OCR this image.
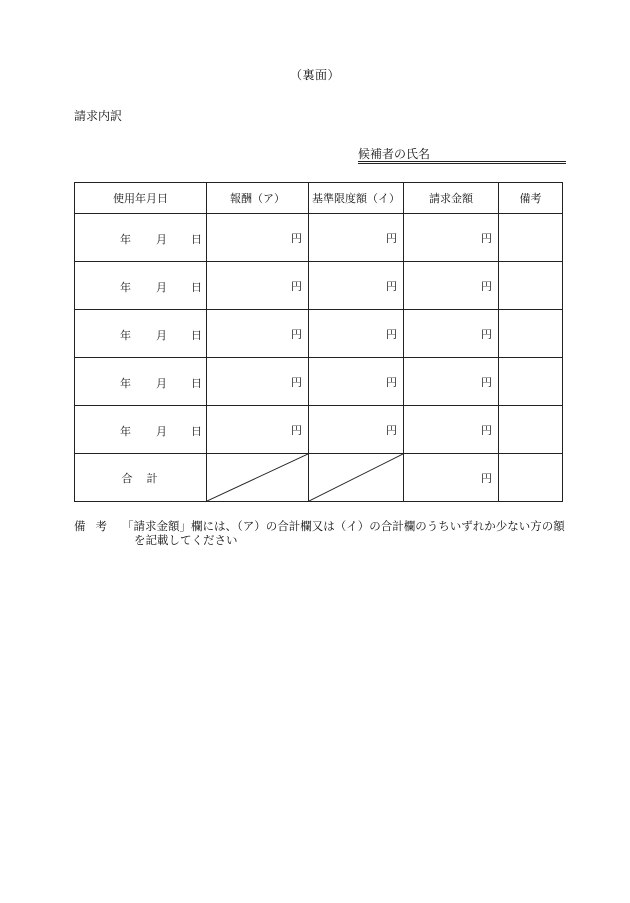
（裏面）
請求内訳
候補者の氏名
使用年月日	報酬（ア）	基準限度額（イ）	請求金額	備考

年 月 日	円	円	円	

年 月 日	円	円	円	

年 月 日	円	円	円	

年 月 日	円	円	円	

年 月 日	円	円	円	
合計			円	
備考 「請求金額」欄には、（ア）の合計欄又は（イ）の合計欄のうちいずれか少ない方の額
を記載してください
